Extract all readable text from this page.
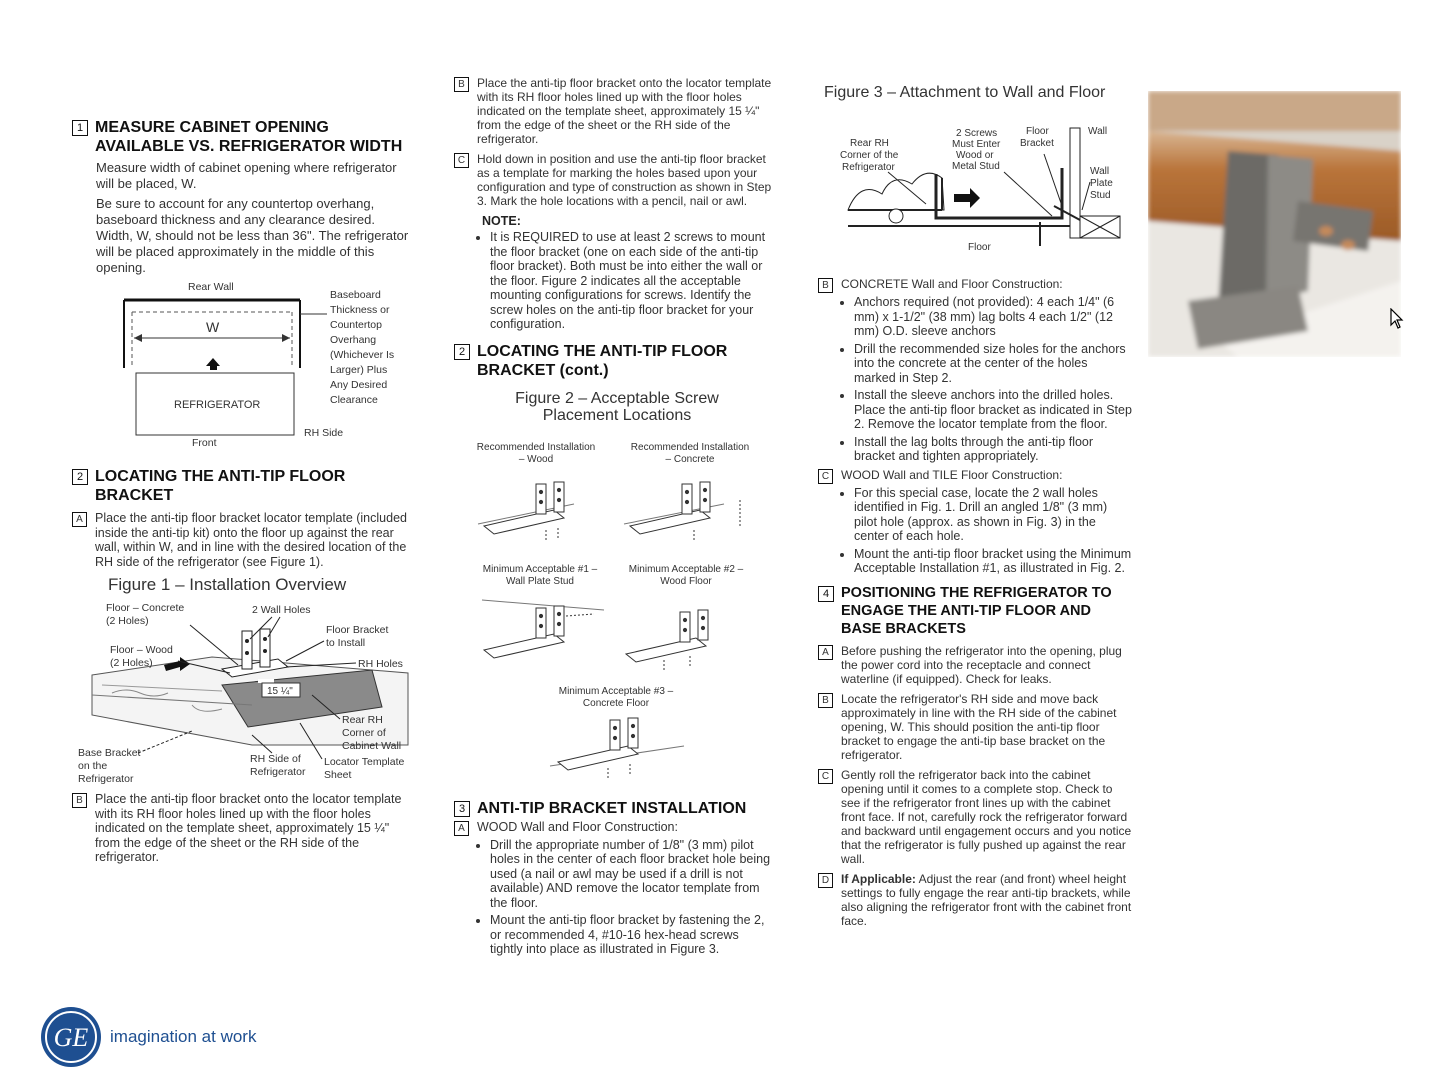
1 MEASURE CABINET OPENING AVAILABLE VS. REFRIGERATOR WIDTH
Measure width of cabinet opening where refrigerator will be placed, W.
Be sure to account for any countertop overhang, baseboard thickness and any clearance desired. Width, W, should not be less than 36". The refrigerator will be placed approximately in the middle of this opening.
Rear Wall
W
REFRIGERATOR
Front
RH Side
Baseboard
Thickness or
Countertop
Overhang
(Whichever Is
Larger) Plus
Any Desired
Clearance
2 LOCATING THE ANTI-TIP FLOOR BRACKET
A Place the anti-tip floor bracket locator template (included inside the anti-tip kit) onto the floor up against the rear wall, within W, and in line with the desired location of the RH side of the refrigerator (see Figure 1).
Figure 1 – Installation Overview
15 ¼"
Floor – Concrete
(2 Holes)
2 Wall Holes
Floor Bracket
to Install
Floor – Wood
(2 Holes)	RH Holes
Rear RH
Corner of
Cabinet Wall
Base Bracket
on the
Refrigerator
RH Side of
Refrigerator
Locator Template
Sheet
B Place the anti-tip floor bracket onto the locator template with its RH floor holes lined up with the floor holes indicated on the template sheet, approximately 15 ¼" from the edge of the sheet or the RH side of the refrigerator.
B	Place the anti-tip floor bracket onto the locator template with its RH floor holes lined up with the floor holes indicated on the template sheet, approximately 15 ¼" from the edge of the sheet or the RH side of the refrigerator.
C Hold down in position and use the anti-tip floor bracket as a template for marking the holes based upon your configuration and type of construction as shown in Step 3. Mark the hole locations with a pencil, nail or awl.
NOTE:
• It is REQUIRED to use at least 2 screws to mount the floor bracket (one on each side of the anti-tip floor bracket). Both must be into either the wall or the floor. Figure 2 indicates all the acceptable mounting configurations for screws. Identify the screw holes on the anti-tip floor bracket for your configuration.
2 LOCATING THE ANTI-TIP FLOOR BRACKET (cont.)
Figure 2 – Acceptable Screw Placement Locations
Recommended Installation
– Wood
Recommended Installation
– Concrete
Minimum Acceptable #1 –
Wall Plate Stud
Minimum Acceptable #2 –
Wood Floor
Minimum Acceptable #3 –
Concrete Floor
3 ANTI-TIP BRACKET INSTALLATION
A WOOD Wall and Floor Construction:
• Drill the appropriate number of 1/8" (3 mm) pilot holes in the center of each floor bracket hole being used (a nail or awl may be used if a drill is not available) AND remove the locator template from the floor.
• Mount the anti-tip floor bracket by fastening the 2, or recommended 4, #10-16 hex-head screws tightly into place as illustrated in Figure 3.
Figure 3 – Attachment to Wall and Floor
Rear RH
Corner of the
Refrigerator
2 Screws
Must Enter
Wood or
Metal Stud
Floor
Bracket
Wall
Wall
Plate
Stud
Floor
B	CONCRETE Wall and Floor Construction:
• Anchors required (not provided): 4 each 1/4" (6 mm) x 1-1/2" (38 mm) lag bolts 4 each 1/2" (12 mm) O.D. sleeve anchors
• Drill the recommended size holes for the anchors into the concrete at the center of the holes marked in Step 2.
• Install the sleeve anchors into the drilled holes. Place the anti-tip floor bracket as indicated in Step 2. Remove the locator template from the floor.
• Install the lag bolts through the anti-tip floor bracket and tighten appropriately.
C WOOD Wall and TILE Floor Construction:
• For this special case, locate the 2 wall holes identified in Fig. 1. Drill an angled 1/8" (3 mm) pilot hole (approx. as shown in Fig. 3) in the center of each hole.
• Mount the anti-tip floor bracket using the Minimum Acceptable Installation #1, as illustrated in Fig. 2.
4 POSITIONING THE REFRIGERATOR TO ENGAGE THE ANTI-TIP FLOOR AND BASE BRACKETS
A	Before pushing the refrigerator into the opening, plug the power cord into the receptacle and connect waterline (if equipped). Check for leaks.
B	Locate the refrigerator's RH side and move back approximately in line with the RH side of the cabinet opening, W. This should position the anti-tip floor bracket to engage the anti-tip base bracket on the refrigerator.
C Gently roll the refrigerator back into the cabinet opening until it comes to a complete stop. Check to see if the refrigerator front lines up with the cabinet front face. If not, carefully rock the refrigerator forward and backward until engagement occurs and you notice that the refrigerator is fully pushed up against the rear wall.
D If Applicable: Adjust the rear (and front) wheel height settings to fully engage the rear anti-tip brackets, while also aligning the refrigerator front with the cabinet front face.
GE imagination at work
